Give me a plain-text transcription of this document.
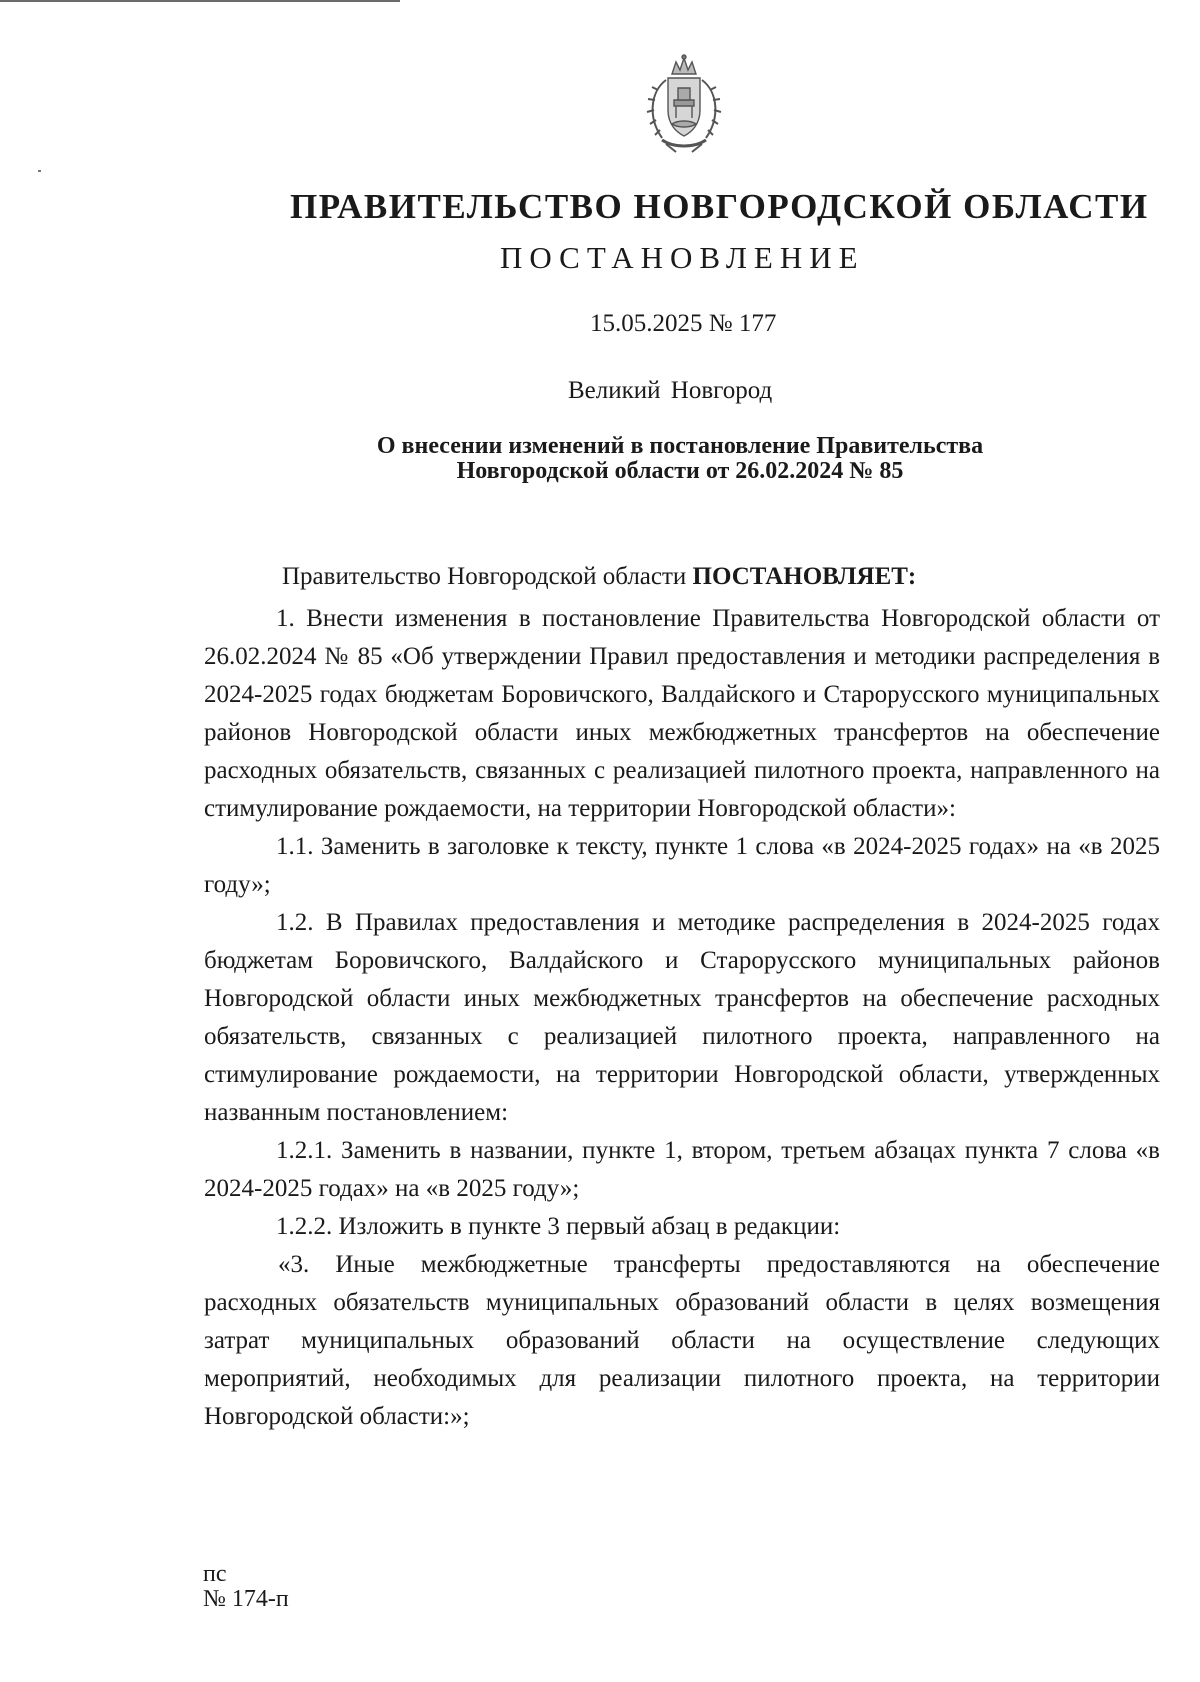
ПРАВИТЕЛЬСТВО НОВГОРОДСКОЙ ОБЛАСТИ
ПОСТАНОВЛЕНИЕ
15.05.2025 № 177
Великий Новгород
О внесении изменений в постановление Правительства
Новгородской области от 26.02.2024 № 85

Правительство Новгородской области ПОСТАНОВЛЯЕТ:

1. Внести изменения в постановление Правительства Новгородской области от 26.02.2024 № 85 «Об утверждении Правил предоставления и методики распределения в 2024-2025 годах бюджетам Боровичского, Валдайского и Старорусского муниципальных районов Новгородской области иных межбюджетных трансфертов на обеспечение расходных обязательств, связанных с реализацией пилотного проекта, направленного на стимулирование рождаемости, на территории Новгородской области»:

1.1. Заменить в заголовке к тексту, пункте 1 слова «в 2024-2025 годах» на «в 2025 году»;

1.2. В Правилах предоставления и методике распределения в 2024-2025 годах бюджетам Боровичского, Валдайского и Старорусского муниципальных районов Новгородской области иных межбюджетных трансфертов на обеспечение расходных обязательств, связанных с реализацией пилотного проекта, направленного на стимулирование рождаемости, на территории Новгородской области, утвержденных названным постановлением:

1.2.1. Заменить в названии, пункте 1, втором, третьем абзацах пункта 7 слова «в 2024-2025 годах» на «в 2025 году»;

1.2.2. Изложить в пункте 3 первый абзац в редакции:

«3. Иные межбюджетные трансферты предоставляются на обеспечение расходных обязательств муниципальных образований области в целях возмещения затрат муниципальных образований области на осуществление следующих мероприятий, необходимых для реализации пилотного проекта, на территории Новгородской области:»;

пс
№ 174-п
